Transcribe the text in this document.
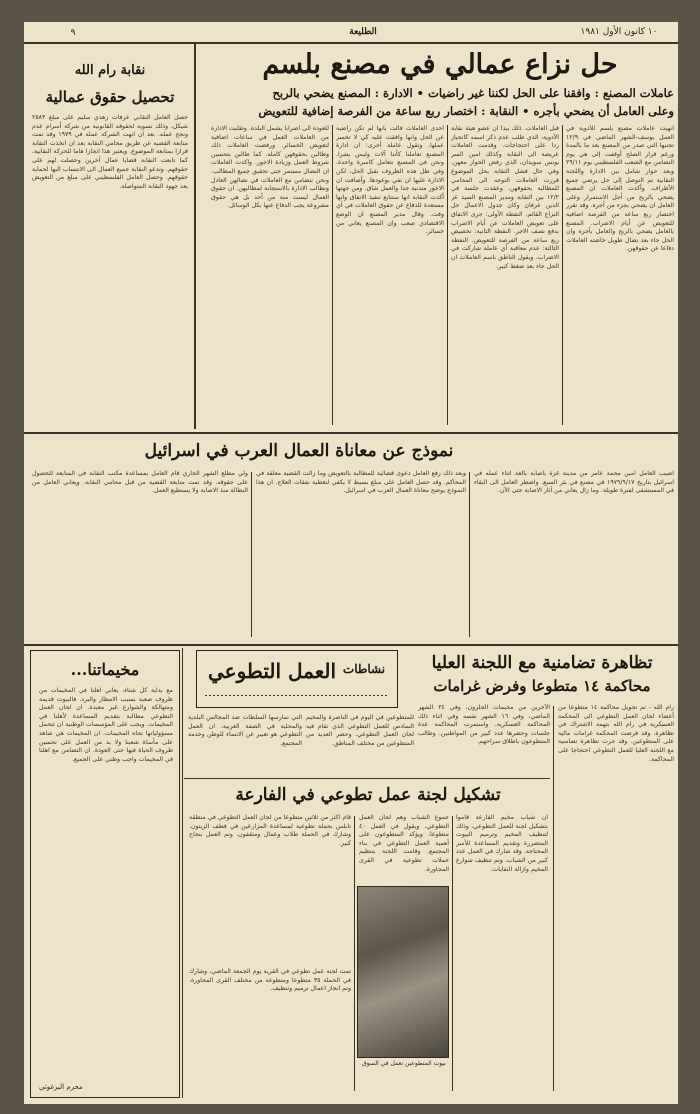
٩	الطليعة	١٠ كانون الأول ١٩٨١
حل نزاع عمالي في مصنع بلسم
عاملات المصنع : وافقنا على الحل لكننا غير راضيات • الادارة : المصنع يضحي بالربح
وعلى العامل أن يضحي بأجره • النقابة : اختصار ربع ساعة من الفرصة إضافية للتعويض
انهيت عاملات مصنع بلسم للأدوية في العمل يوسف-الشهر الماضي في ١٢/٩ تجنبها التي صدر من المصنع بعد ما بالمدة ورغم قرار الصلح أوقفت إلى هي يوم التضامن مع الشعب الفلسطيني يوم ٢٩/١١ وبعد حوار شامل بين الادارة واللجنة النقابية تم التوصل إلى حل يرضي جميع الأطراف. وأكدت العاملات ان المصنع يضحي بالربح من أجل الاستمرار وعلى العامل ان يضحي بجزء من أجره. وقد تقرر اختصار ربع ساعة من الفرصة اضافية للتعويض عن أيام الاضراب. المصنع بالعامل يضحي بالربح والعامل بأجره وان الحل جاء بعد نضال طويل خاضته العاملات دفاعا عن حقوقهن.
قبل العاملات. ذلك يبدأ ان عضو هيئة نقابة الأدوية، الذي طلب عدم ذكر اسمه كانحياز ردا على احتجاجات. وقدمت العاملات عريضة الى النقابة وكذلك امين السر يونس سويدان، الذي رفض الحوار معهن. وفي حال فشل النقابة بحل الموضوع قررت العاملات التوجه الى المحامي للمطالبة بحقوقهن. وعقدت جلسة في ١٢/٢ بين النقابة ومدير المصنع السيد عز الدين عرفان وكان جدول الاعمال حل النزاع القائم. النقطة الأولى: جرى الاتفاق على تعويض العاملات عن أيام الاضراب بدفع نصف الاجر. النقطة الثانية: تخصيص ربع ساعة من الفرصة للتعويض. النقطة الثالثة: عدم معاقبة أي عاملة شاركت في الاضراب. ويقول الناطق باسم العاملات ان الحل جاء بعد ضغط كبير.
احدى العاملات قالت بانها لم تكن راضية عن الحل وانها وافقت عليه كي لا تخسر عملها. وتقول عاملة أخرى: ان ادارة المصنع تعاملنا كأننا آلات وليس بشرا. ونحن في المصنع نتعامل كاسرة واحدة. وفي ظل هذه الظروف نقبل الحل، لكن الادارة عليها ان تفي بوعودها. وأضافت ان الاجور متدنية جدا والعمل شاق. ومن جهتها أكدت النقابة انها ستتابع تنفيذ الاتفاق وانها مستعدة للدفاع عن حقوق العاملات في أي وقت. وقال مدير المصنع ان الوضع الاقتصادي صعب وان المصنع يعاني من خسائر.
للعودة الى اضرابا يشمل البلدة. وطلبت الادارة من العاملات العمل في ساعات اضافية لتعويض الخسائر. ورفضت العاملات ذلك وطالبن بحقوقهن كاملة. كما طالبن بتحسين شروط العمل وزيادة الاجور. واكدت العاملات ان النضال مستمر حتى تحقيق جميع المطالب. ونحن نتضامن مع العاملات في نضالهن العادل ونطالب الادارة بالاستجابة لمطالبهن. ان حقوق العمال ليست منة من أحد بل هي حقوق مشروعة يجب الدفاع عنها بكل الوسائل.
نقابة رام الله
تحصيل حقوق عمالية
حصل العامل النقابي عرفات زهدي سليم على مبلغ ٢٥٨٣ شيكل، وذلك تسوية لحقوقه القانونية من شركة أسرام عدم ونجح عمله. بعد ان انهت الشركة عمله في ١٩٧٩ وقد تمت متابعة القضية عن طريق محامي النقابة بعد ان اتخذت النقابة قرارا بمتابعة الموضوع. ويعتبر هذا انجازا هاما للحركة النقابية. كما تابعت النقابة قضايا عمال آخرين وحصلت لهم على حقوقهم. وتدعو النقابة جميع العمال الى الانتساب اليها لحماية حقوقهم. وحصل العامل الفلسطيني على مبلغ من التعويض بعد جهود النقابة المتواصلة.
نموذج عن معاناة العمال العرب في اسرائيل
اصيب العامل امين محمد عامر من مدينة غزة باصابة بالغة اثناء عمله في اسرائيل بتاريخ ١٩٧٩/٩/١٧ في مصنع في بئر السبع. واضطر العامل الى البقاء في المستشفى لفترة طويلة. وما زال يعاني من آثار الاصابة حتى الآن.
وبعد ذلك رفع العامل دعوى قضائية للمطالبة بالتعويض وما زالت القضية معلقة في المحاكم. وقد حصل العامل على مبلغ بسيط لا يكفي لتغطية نفقات العلاج. ان هذا النموذج يوضح معاناة العمال العرب في اسرائيل.
ولي مطلع الشهر الجاري قام العامل بمساعدة مكتب النقابة في المتابعة للحصول على حقوقه. وقد تمت متابعة القضية من قبل محامي النقابة. ويعاني العامل من البطالة منذ الاصابة ولا يستطيع العمل.
تظاهرة تضامنية مع اللجنة العليا
محاكمة ١٤ متطوعا وفرض غرامات
نشاطات
العمل التطوعي
مخيماتنا...
مع بداية كل شتاء، يعاني اهلنا في المخيمات من ظروف صعبة بسبب الامطار والبرد. فالبيوت قديمة ومتهالكة والشوارع غير معبدة. ان لجان العمل التطوعي مطالبة بتقديم المساعدة لأهلنا في المخيمات. ويجب على المؤسسات الوطنية ان تتحمل مسؤولياتها تجاه المخيمات. ان المخيمات هي شاهد على مأساة شعبنا ولا بد من العمل على تحسين ظروف الحياة فيها حتى العودة. ان التضامن مع اهلنا في المخيمات واجب وطني على الجميع.
محرم البرغوثي
رام الله - تم تحويل محاكمة ١٤ متطوعا من أعضاء لجان العمل التطوعي الى المحكمة العسكرية في رام الله بتهمة الاشتراك في تظاهرة. وقد فرضت المحكمة غرامات مالية على المتطوعين. وقد جرت تظاهرة تضامنية مع اللجنة العليا للعمل التطوعي احتجاجا على المحاكمة.
الآخرين من مخيمات الجلزون، وفي ٢٤ الشهر الماضي، وفي ١٦ الشهر نفسه وفي اثناء ذلك المحاكمة العسكرية. واستمرت المحاكمة عدة جلسات وحضرها عدد كبير من المواطنين. وطالب المتطوعون باطلاق سراحهم.
للمتطوعين في اليوم في الناصرة والمخيم السادس للعمل التطوعي الذي تقام فيه لجان العمل التطوعي. وحضر العديد من المتطوعين من مختلف المناطق.
التي تمارسها السلطات ضد المجالس البلدية والمحلية في الضفة الغربية. ان العمل التطوعي هو تعبير عن الانتماء للوطن وخدمة المجتمع.
تشكيل لجنة عمل تطوعي في الفارعة
ان شباب مخيم الفارعة قاموا بتشكيل لجنة للعمل التطوعي، وذلك لتنظيف المخيم وترميم البيوت المتضررة وتقديم المساعدة للأسر المحتاجة. وقد شارك في العمل عدد كبير من الشباب. وتم تنظيف شوارع المخيم وازالة النفايات.
جموع الشباب وهم لجان العمل التطوعي، ويقول في العمل ٤٠ متطوعا. ويؤكد المتطوعون على أهمية العمل التطوعي في بناء المجتمع. وقامت اللجنة بتنظيم حملات تطوعية في القرى المجاورة.
بيوت المتطوعين تعمل في السوق
قام اكثر من ثلاثين متطوعا من لجان العمل التطوعي في منطقة نابلس بحملة تطوعية لمساعدة المزارعين في قطف الزيتون. وشارك في الحملة طلاب وعمال ومثقفون. وتم العمل بنجاح كبير.
تمت لجنة عمل تطوعي في القرية يوم الجمعة الماضي، وشارك في الحملة ٣٥ متطوعا ومتطوعة من مختلف القرى المجاورة. وتم انجاز اعمال ترميم وتنظيف.
